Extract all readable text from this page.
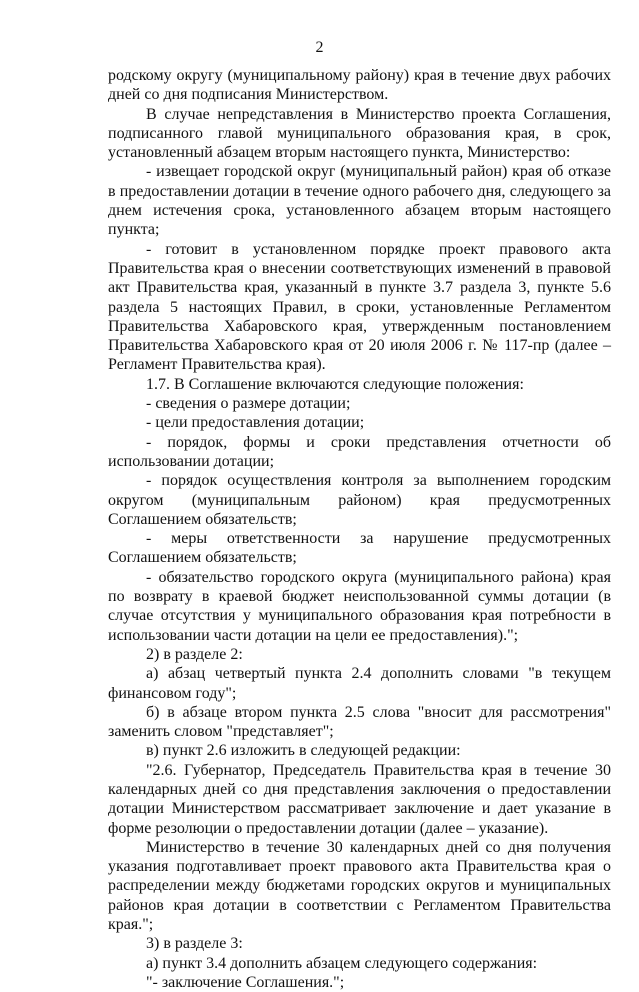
2

родскому округу (муниципальному району) края в течение двух рабочих дней со дня подписания Министерством.

В случае непредставления в Министерство проекта Соглашения, подписанного главой муниципального образования края, в срок, установленный абзацем вторым настоящего пункта, Министерство:

- извещает городской округ (муниципальный район) края об отказе в предоставлении дотации в течение одного рабочего дня, следующего за днем истечения срока, установленного абзацем вторым настоящего пункта;

- готовит в установленном порядке проект правового акта Правительства края о внесении соответствующих изменений в правовой акт Правительства края, указанный в пункте 3.7 раздела 3, пункте 5.6 раздела 5 настоящих Правил, в сроки, установленные Регламентом Правительства Хабаровского края, утвержденным постановлением Правительства Хабаровского края от 20 июля 2006 г. № 117-пр (далее – Регламент Правительства края).

1.7. В Соглашение включаются следующие положения:

- сведения о размере дотации;

- цели предоставления дотации;

- порядок, формы и сроки представления отчетности об использовании дотации;

- порядок осуществления контроля за выполнением городским округом (муниципальным районом) края предусмотренных Соглашением обязательств;

- меры ответственности за нарушение предусмотренных Соглашением обязательств;

- обязательство городского округа (муниципального района) края по возврату в краевой бюджет неиспользованной суммы дотации (в случае отсутствия у муниципального образования края потребности в использовании части дотации на цели ее предоставления).";

2) в разделе 2:

а) абзац четвертый пункта 2.4 дополнить словами "в текущем финансовом году";

б) в абзаце втором пункта 2.5 слова "вносит для рассмотрения" заменить словом "представляет";

в) пункт 2.6 изложить в следующей редакции:

"2.6. Губернатор, Председатель Правительства края в течение 30 календарных дней со дня представления заключения о предоставлении дотации Министерством рассматривает заключение и дает указание в форме резолюции о предоставлении дотации (далее – указание).

Министерство в течение 30 календарных дней со дня получения указания подготавливает проект правового акта Правительства края о распределении между бюджетами городских округов и муниципальных районов края дотации в соответствии с Регламентом Правительства края.";

3) в разделе 3:

а) пункт 3.4 дополнить абзацем следующего содержания:

"- заключение Соглашения.";
